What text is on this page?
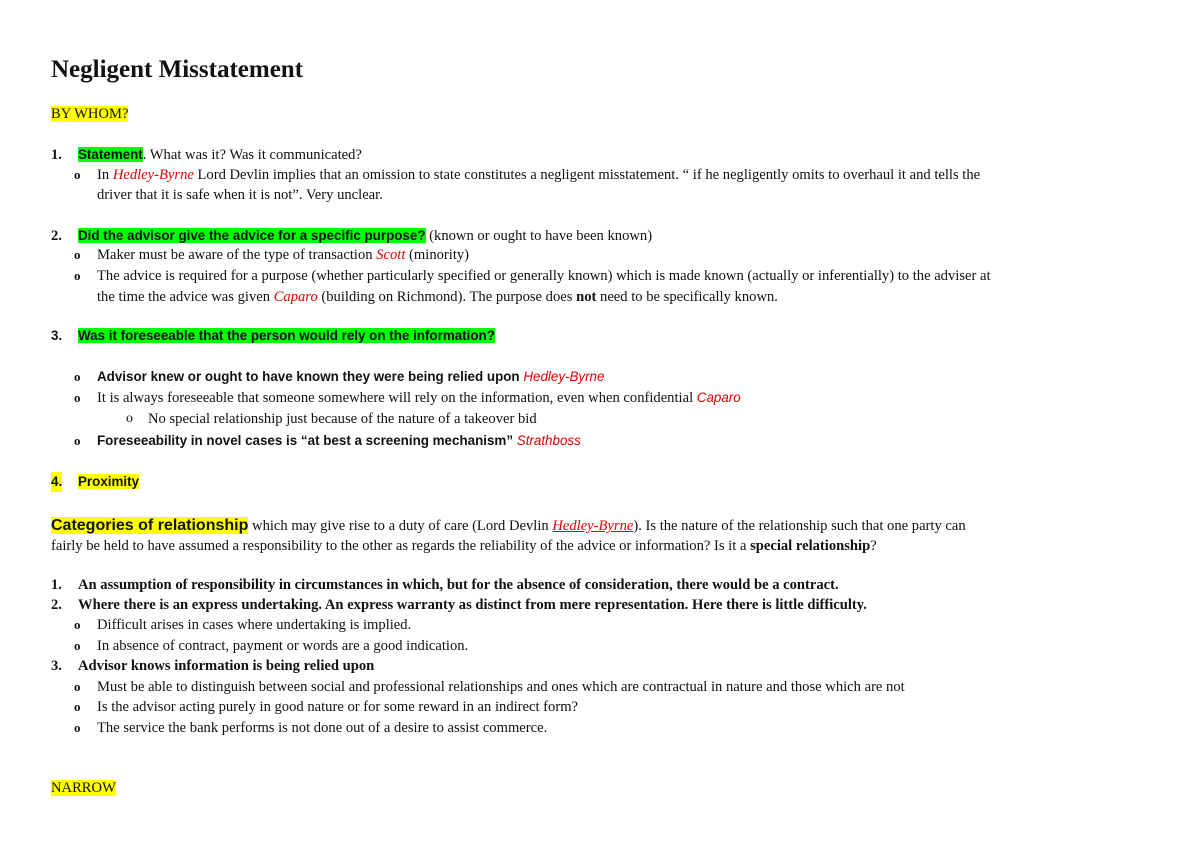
Negligent Misstatement
BY WHOM?
1. Statement. What was it? Was it communicated?
o In Hedley-Byrne Lord Devlin implies that an omission to state constitutes a negligent misstatement. “ if he negligently omits to overhaul it and tells the
driver that it is safe when it is not”. Very unclear.
2. Did the advisor give the advice for a specific purpose? (known or ought to have been known)
o Maker must be aware of the type of transaction Scott (minority)
o The advice is required for a purpose (whether particularly specified or generally known) which is made known (actually or inferentially) to the adviser at
the time the advice was given Caparo (building on Richmond). The purpose does not need to be specifically known.
3. Was it foreseeable that the person would rely on the information?
o Advisor knew or ought to have known they were being relied upon Hedley-Byrne
o It is always foreseeable that someone somewhere will rely on the information, even when confidential Caparo
o No special relationship just because of the nature of a takeover bid
o Foreseeability in novel cases is “at best a screening mechanism” Strathboss
4. Proximity
Categories of relationship which may give rise to a duty of care (Lord Devlin Hedley-Byrne). Is the nature of the relationship such that one party can
fairly be held to have assumed a responsibility to the other as regards the reliability of the advice or information? Is it a special relationship?
1. An assumption of responsibility in circumstances in which, but for the absence of consideration, there would be a contract.
2. Where there is an express undertaking. An express warranty as distinct from mere representation. Here there is little difficulty.
o Difficult arises in cases where undertaking is implied.
o In absence of contract, payment or words are a good indication.
3. Advisor knows information is being relied upon
o Must be able to distinguish between social and professional relationships and ones which are contractual in nature and those which are not
o Is the advisor acting purely in good nature or for some reward in an indirect form?
o The service the bank performs is not done out of a desire to assist commerce.
NARROW
